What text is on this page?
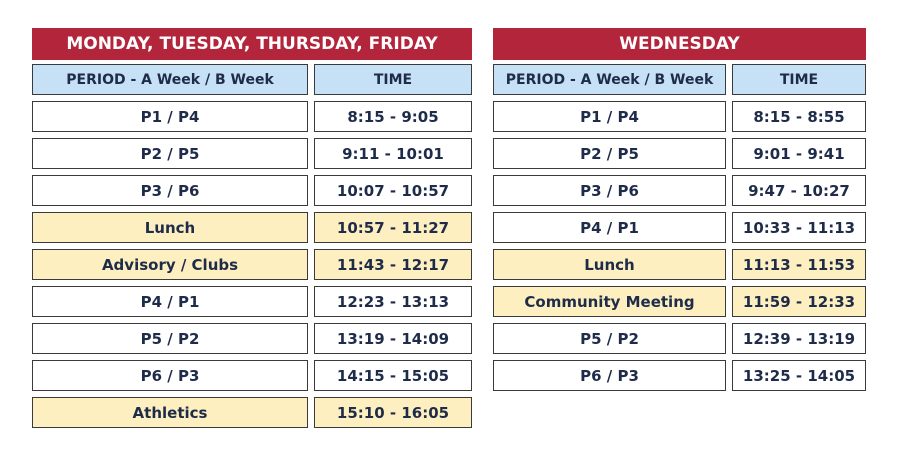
MONDAY, TUESDAY, THURSDAY, FRIDAY
PERIOD - A Week / B Week	TIME
P1 / P4	8:15 - 9:05
P2 / P5	9:11 - 10:01
P3 / P6	10:07 - 10:57
Lunch	10:57 - 11:27
Advisory / Clubs	11:43 - 12:17
P4 / P1	12:23 - 13:13
P5 / P2	13:19 - 14:09
P6 / P3	14:15 - 15:05
Athletics	15:10 - 16:05
WEDNESDAY
PERIOD - A Week / B Week	TIME
P1 / P4	8:15 - 8:55
P2 / P5	9:01 - 9:41
P3 / P6	9:47 - 10:27
P4 / P1	10:33 - 11:13
Lunch	11:13 - 11:53
Community Meeting	11:59 - 12:33
P5 / P2	12:39 - 13:19
P6 / P3	13:25 - 14:05
